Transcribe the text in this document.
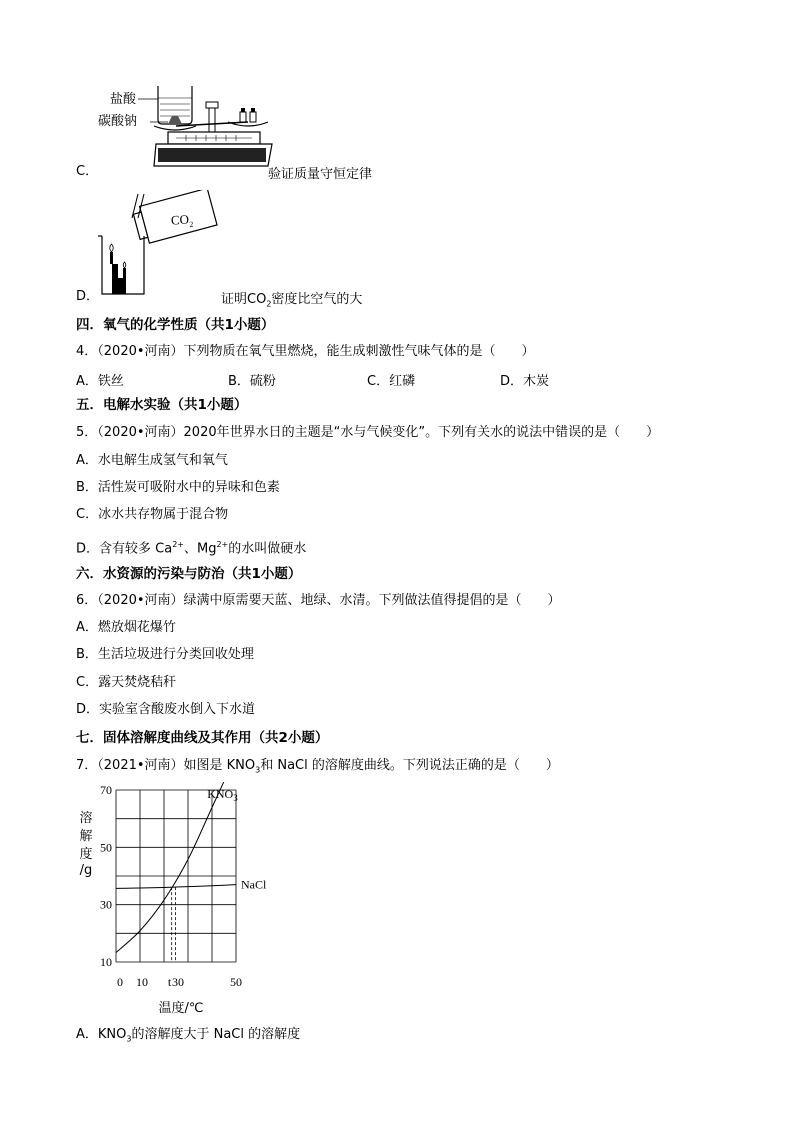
盐酸
碳酸钠
C．	验证质量守恒定律
$CO_2$
D．	证明$CO_2$密度比空气的大
四．氧气的化学性质（共1小题）
4．（2020•河南）下列物质在氧气里燃烧，能生成刺激性气味气体的是（　　）
A．铁丝	B．硫粉	C．红磷	D．木炭
五．电解水实验（共1小题）
5．（2020•河南）2020年世界水日的主题是“水与气候变化”。下列有关水的说法中错误的是（　　）
A．水电解生成氢气和氧气
B．活性炭可吸附水中的异味和色素
C．冰水共存物属于混合物
D．含有较多 $Ca^{2+}$、$Mg^{2+}$的水叫做硬水
六．水资源的污染与防治（共1小题）
6．（2020•河南）绿满中原需要天蓝、地绿、水清。下列做法值得提倡的是（　　）
A．燃放烟花爆竹
B．生活垃圾进行分类回收处理
C．露天焚烧秸秆
D．实验室含酸废水倒入下水道
七．固体溶解度曲线及其作用（共2小题）
7．（2021•河南）如图是 $KNO_3$和 NaCl 的溶解度曲线。下列说法正确的是（　　）
$KNO_3$
NaCl
70
50
30
10
0 10 t 30	50
溶
解
度
/g
温度/℃
A．$KNO_3$的溶解度大于 NaCl 的溶解度
